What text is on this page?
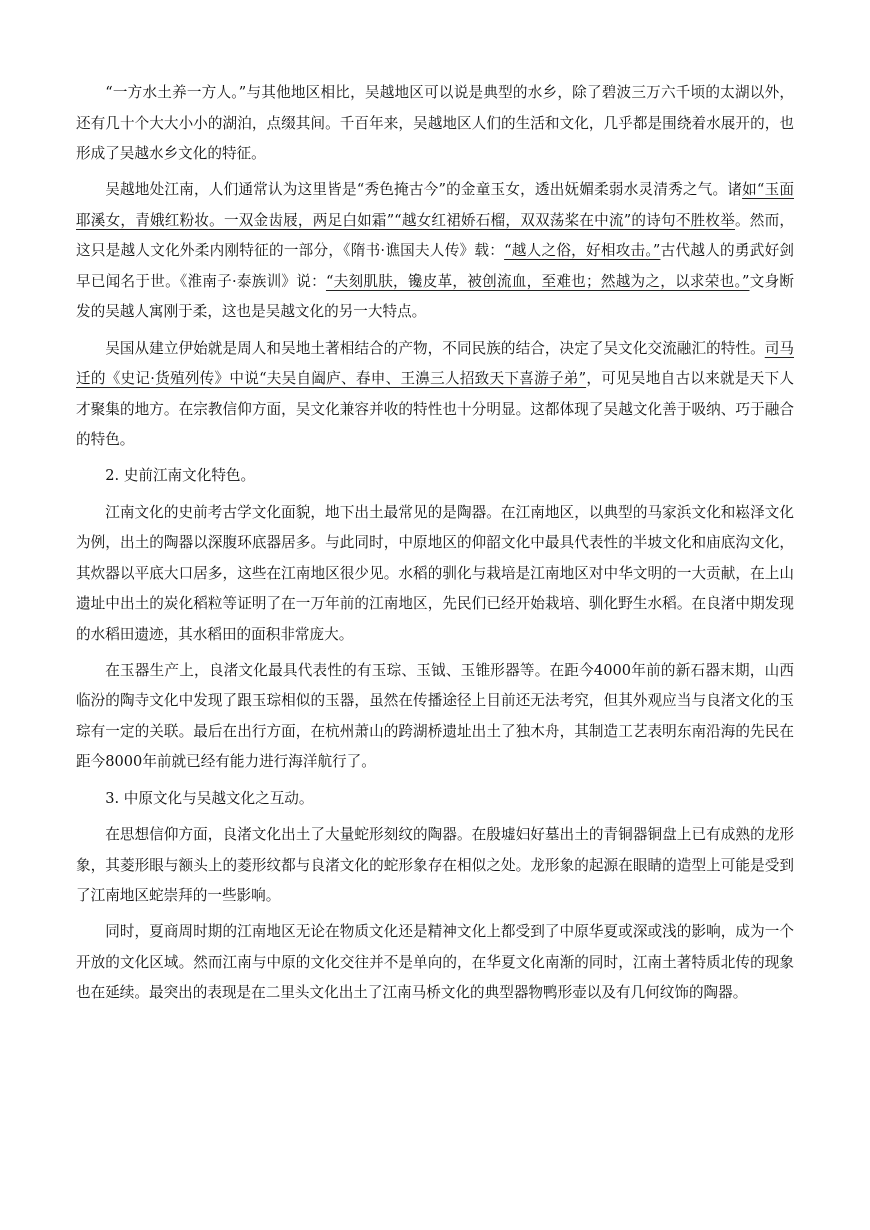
“一方水土养一方人。”与其他地区相比，吴越地区可以说是典型的水乡，除了碧波三万六千顷的太湖以外，还有几十个大大小小的湖泊，点缀其间。千百年来，吴越地区人们的生活和文化，几乎都是围绕着水展开的，也形成了吴越水乡文化的特征。

吴越地处江南，人们通常认为这里皆是“秀色掩古今”的金童玉女，透出妩媚柔弱水灵清秀之气。诸如“玉面耶溪女，青娥红粉妆。一双金齿屐，两足白如霜”“越女红裙娇石榴，双双荡桨在中流”的诗句不胜枚举。然而，这只是越人文化外柔内刚特征的一部分，《隋书·谯国夫人传》载：“越人之俗，好相攻击。”古代越人的勇武好剑早已闻名于世。《淮南子·泰族训》说：“夫刻肌肤，镵皮革，被创流血，至难也；然越为之，以求荣也。”文身断发的吴越人寓刚于柔，这也是吴越文化的另一大特点。

吴国从建立伊始就是周人和吴地土著相结合的产物，不同民族的结合，决定了吴文化交流融汇的特性。司马迁的《史记·货殖列传》中说“夫吴自阖庐、春申、王濞三人招致天下喜游子弟”，可见吴地自古以来就是天下人才聚集的地方。在宗教信仰方面，吴文化兼容并收的特性也十分明显。这都体现了吴越文化善于吸纳、巧于融合的特色。

2. 史前江南文化特色。

江南文化的史前考古学文化面貌，地下出土最常见的是陶器。在江南地区，以典型的马家浜文化和崧泽文化为例，出土的陶器以深腹环底器居多。与此同时，中原地区的仰韶文化中最具代表性的半坡文化和庙底沟文化，其炊器以平底大口居多，这些在江南地区很少见。水稻的驯化与栽培是江南地区对中华文明的一大贡献，在上山遗址中出土的炭化稻粒等证明了在一万年前的江南地区，先民们已经开始栽培、驯化野生水稻。在良渚中期发现的水稻田遗迹，其水稻田的面积非常庞大。

在玉器生产上，良渚文化最具代表性的有玉琮、玉钺、玉锥形器等。在距今4000年前的新石器末期，山西临汾的陶寺文化中发现了跟玉琮相似的玉器，虽然在传播途径上目前还无法考究，但其外观应当与良渚文化的玉琮有一定的关联。最后在出行方面，在杭州萧山的跨湖桥遗址出土了独木舟，其制造工艺表明东南沿海的先民在距今8000年前就已经有能力进行海洋航行了。

3. 中原文化与吴越文化之互动。

在思想信仰方面，良渚文化出土了大量蛇形刻纹的陶器。在殷墟妇好墓出土的青铜器铜盘上已有成熟的龙形象，其菱形眼与额头上的菱形纹都与良渚文化的蛇形象存在相似之处。龙形象的起源在眼睛的造型上可能是受到了江南地区蛇崇拜的一些影响。

同时，夏商周时期的江南地区无论在物质文化还是精神文化上都受到了中原华夏或深或浅的影响，成为一个开放的文化区域。然而江南与中原的文化交往并不是单向的，在华夏文化南渐的同时，江南土著特质北传的现象也在延续。最突出的表现是在二里头文化出土了江南马桥文化的典型器物鸭形壶以及有几何纹饰的陶器。
